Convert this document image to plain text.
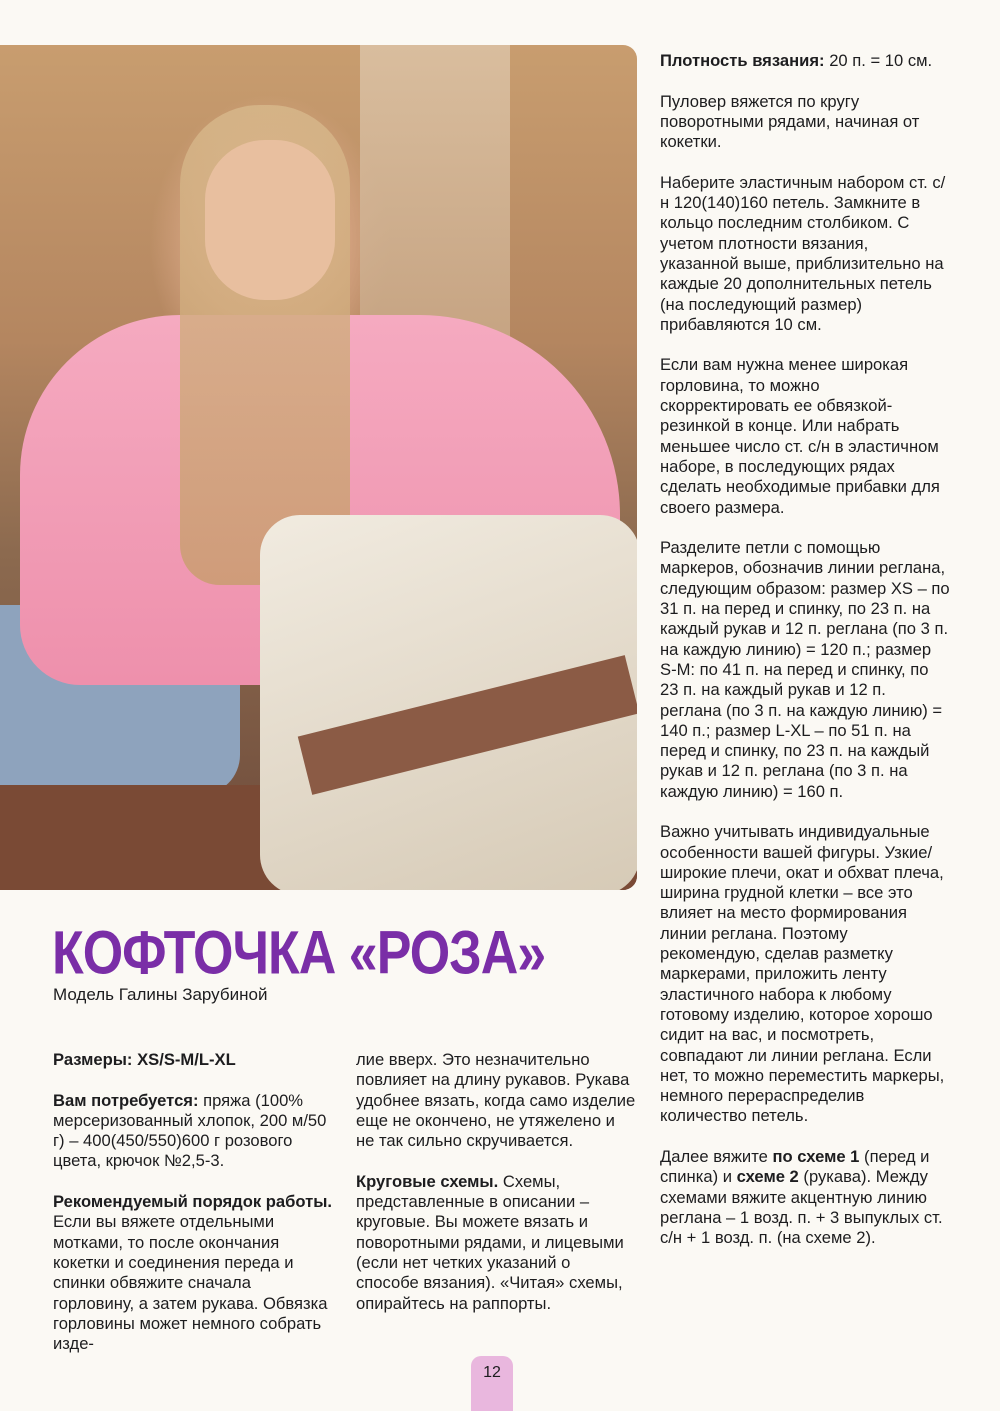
КОФТОЧКА «РОЗА»
Модель Галины Зарубиной

Размеры: XS/S-M/L-XL

Вам потребуется: пряжа (100% мерсеризованный хлопок, 200 м/50 г) – 400(450/550)600 г розового цвета, крючок №2,5-3.

Рекомендуемый порядок работы. Если вы вяжете отдельными мотками, то после окончания кокетки и соединения переда и спинки обвяжите сначала горловину, а затем рукава. Обвязка горловины может немного собрать изде-

лие вверх. Это незначительно повлияет на длину рукавов. Рукава удобнее вязать, когда само изделие еще не окончено, не утяжелено и не так сильно скручивается.

Круговые схемы. Схемы, представленные в описании – круговые. Вы можете вязать и поворотными рядами, и лицевыми (если нет четких указаний о способе вязания). «Читая» схемы, опирайтесь на раппорты.

Плотность вязания: 20 п. = 10 см.

Пуловер вяжется по кругу поворотными рядами, начиная от кокетки.

Наберите эластичным набором ст. с/н 120(140)160 петель. Замкните в кольцо последним столбиком. С учетом плотности вязания, указанной выше, приблизительно на каждые 20 дополнительных петель (на последующий размер) прибавляются 10 см.

Если вам нужна менее широкая горловина, то можно скорректировать ее обвязкой-резинкой в конце. Или набрать меньшее число ст. с/н в эластичном наборе, в последующих рядах сделать необходимые прибавки для своего размера.

Разделите петли с помощью маркеров, обозначив линии реглана, следующим образом: размер XS – по 31 п. на перед и спинку, по 23 п. на каждый рукав и 12 п. реглана (по 3 п. на каждую линию) = 120 п.; размер S-M: по 41 п. на перед и спинку, по 23 п. на каждый рукав и 12 п. реглана (по 3 п. на каждую линию) = 140 п.; размер L-XL – по 51 п. на перед и спинку, по 23 п. на каждый рукав и 12 п. реглана (по 3 п. на каждую линию) = 160 п.

Важно учитывать индивидуальные особенности вашей фигуры. Узкие/широкие плечи, окат и обхват плеча, ширина грудной клетки – все это влияет на место формирования линии реглана. Поэтому рекомендую, сделав разметку маркерами, приложить ленту эластичного набора к любому готовому изделию, которое хорошо сидит на вас, и посмотреть, совпадают ли линии реглана. Если нет, то можно переместить маркеры, немного перераспределив количество петель.

Далее вяжите по схеме 1 (перед и спинка) и схеме 2 (рукава). Между схемами вяжите акцентную линию реглана – 1 возд. п. + 3 выпуклых ст. с/н + 1 возд. п. (на схеме 2).

12
